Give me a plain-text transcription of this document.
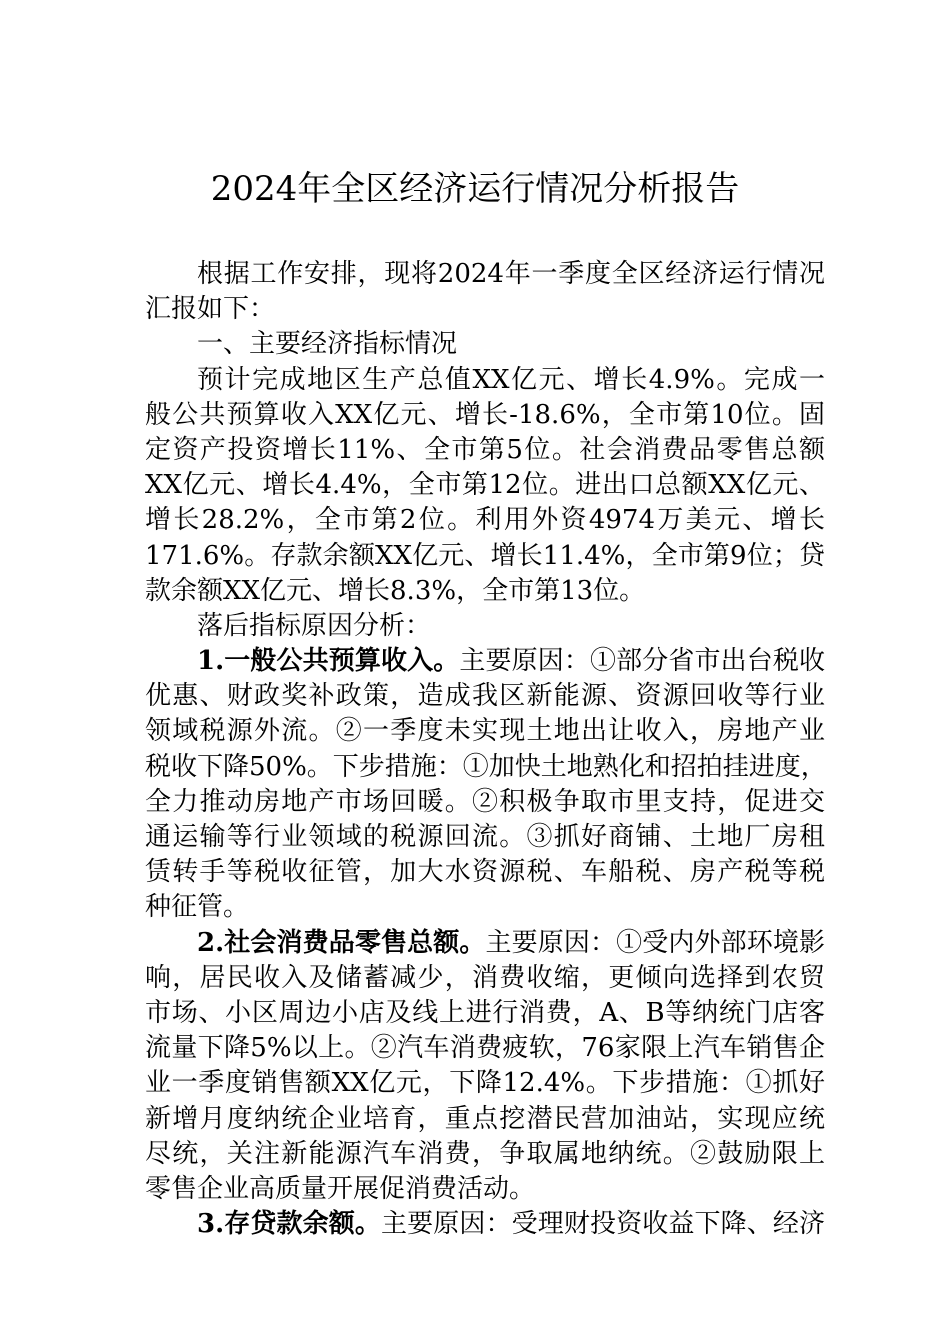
2024年全区经济运行情况分析报告
根据工作安排，现将2024年一季度全区经济运行情况
汇报如下：
一、主要经济指标情况
预计完成地区生产总值XX亿元、增长4.9%。完成一
般公共预算收入XX亿元、增长-18.6%，全市第10位。固
定资产投资增长11%、全市第5位。社会消费品零售总额
XX亿元、增长4.4%，全市第12位。进出口总额XX亿元、
增长28.2%，全市第2位。利用外资4974万美元、增长
171.6%。存款余额XX亿元、增长11.4%，全市第9位；贷
款余额XX亿元、增长8.3%，全市第13位。
落后指标原因分析：
1.一般公共预算收入。主要原因：①部分省市出台税收
优惠、财政奖补政策，造成我区新能源、资源回收等行业
领域税源外流。②一季度未实现土地出让收入，房地产业
税收下降50%。下步措施：①加快土地熟化和招拍挂进度，
全力推动房地产市场回暖。②积极争取市里支持，促进交
通运输等行业领域的税源回流。③抓好商铺、土地厂房租
赁转手等税收征管，加大水资源税、车船税、房产税等税
种征管。
2.社会消费品零售总额。主要原因：①受内外部环境影
响，居民收入及储蓄减少，消费收缩，更倾向选择到农贸
市场、小区周边小店及线上进行消费，A、B等纳统门店客
流量下降5%以上。②汽车消费疲软，76家限上汽车销售企
业一季度销售额XX亿元，下降12.4%。下步措施：①抓好
新增月度纳统企业培育，重点挖潜民营加油站，实现应统
尽统，关注新能源汽车消费，争取属地纳统。②鼓励限上
零售企业高质量开展促消费活动。
3.存贷款余额。主要原因：受理财投资收益下降、经济
